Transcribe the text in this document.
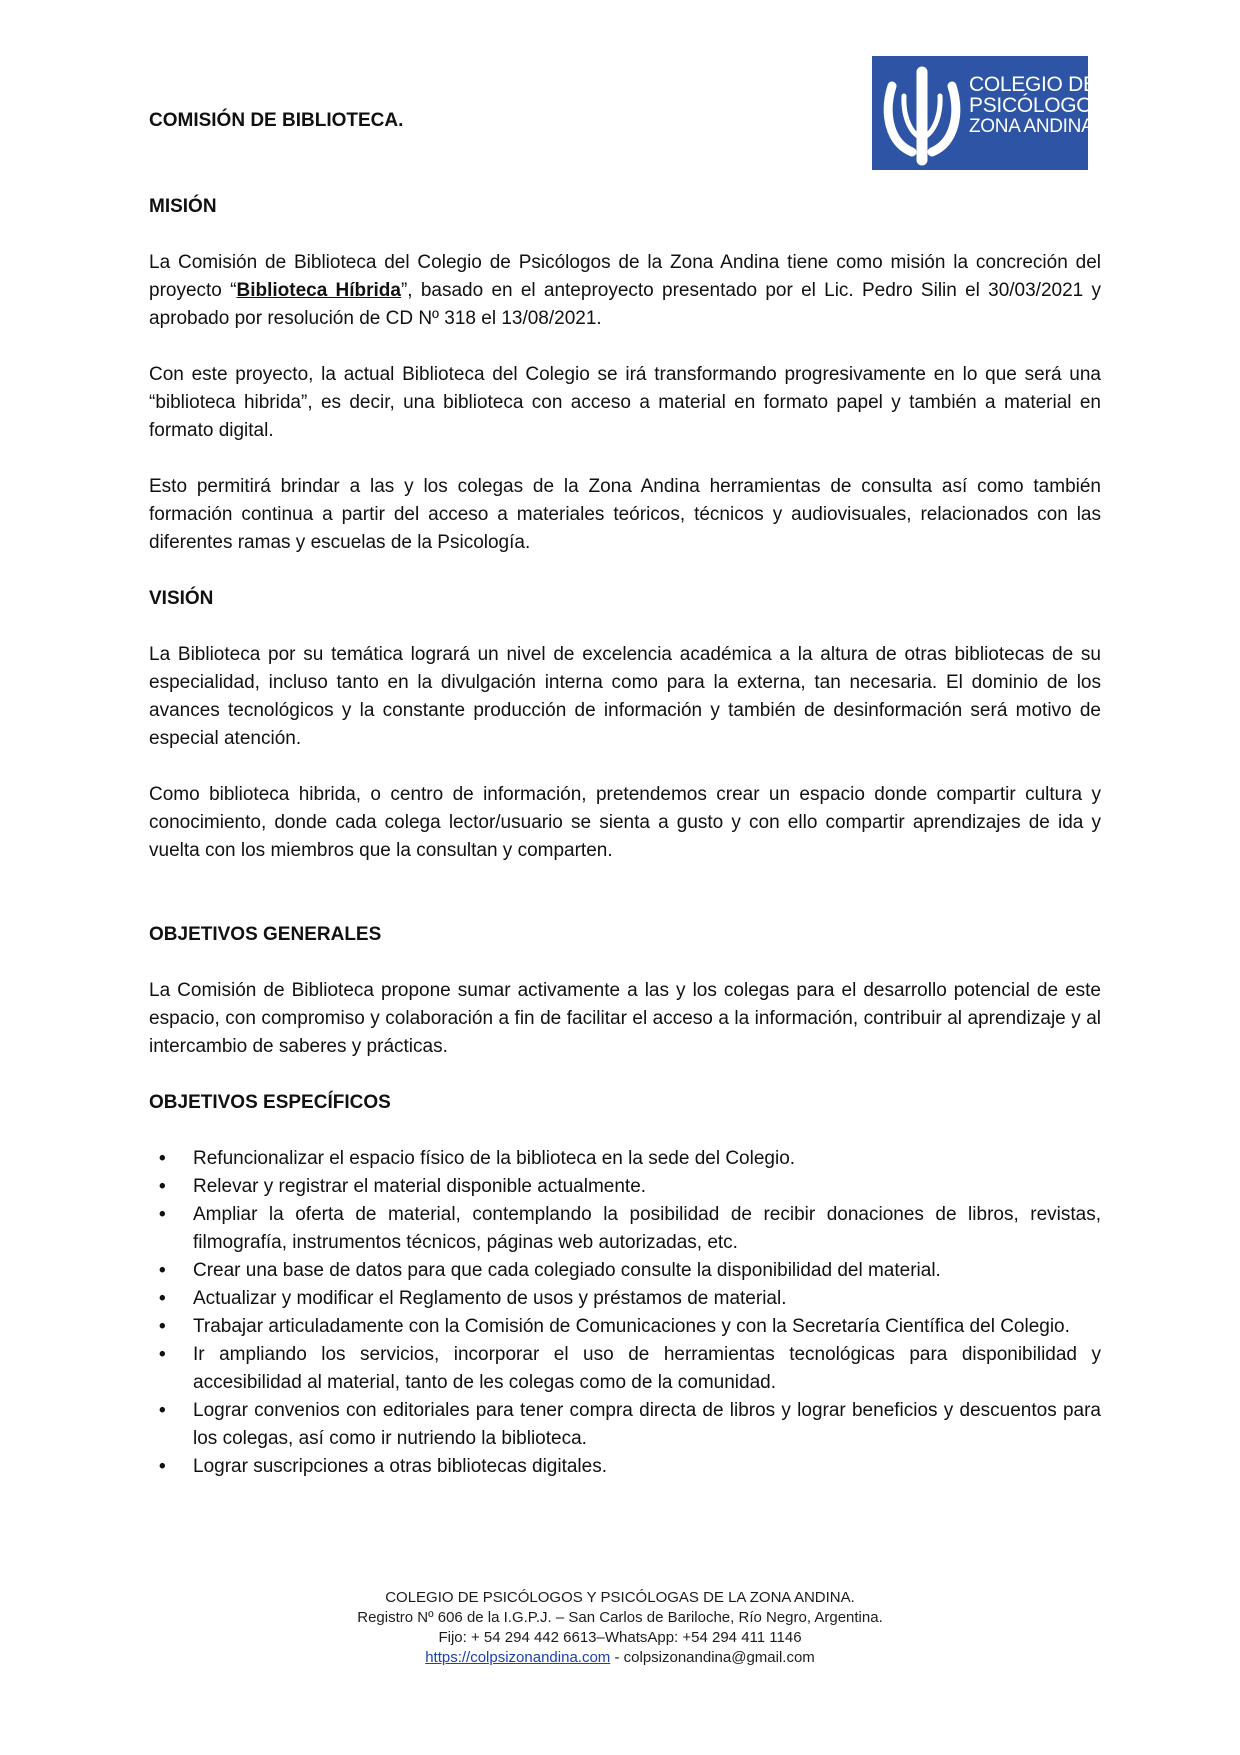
COMISIÓN DE BIBLIOTECA.
COLEGIO DE
PSICÓLOGOS
ZONA ANDINA
MISIÓN

La Comisión de Biblioteca del Colegio de Psicólogos de la Zona Andina tiene como misión la concreción del proyecto “Biblioteca Híbrida”, basado en el anteproyecto presentado por el Lic. Pedro Silin el 30/03/2021 y aprobado por resolución de CD Nº 318 el 13/08/2021.

Con este proyecto, la actual Biblioteca del Colegio se irá transformando progresivamente en lo que será una “biblioteca hibrida”, es decir, una biblioteca con acceso a material en formato papel y también a material en formato digital.

Esto permitirá brindar a las y los colegas de la Zona Andina herramientas de consulta así como también formación continua a partir del acceso a materiales teóricos, técnicos y audiovisuales, relacionados con las diferentes ramas y escuelas de la Psicología.

VISIÓN

La Biblioteca por su temática logrará un nivel de excelencia académica a la altura de otras bibliotecas de su especialidad, incluso tanto en la divulgación interna como para la externa, tan necesaria. El dominio de los avances tecnológicos y la constante producción de información y también de desinformación será motivo de especial atención.

Como biblioteca hibrida, o centro de información, pretendemos crear un espacio donde compartir cultura y conocimiento, donde cada colega lector/usuario se sienta a gusto y con ello compartir aprendizajes de ida y vuelta con los miembros que la consultan y comparten.

OBJETIVOS GENERALES

La Comisión de Biblioteca propone sumar activamente a las y los colegas para el desarrollo potencial de este espacio, con compromiso y colaboración a fin de facilitar el acceso a la información, contribuir al aprendizaje y al intercambio de saberes y prácticas.

OBJETIVOS ESPECÍFICOS
• Refuncionalizar el espacio físico de la biblioteca en la sede del Colegio.
• Relevar y registrar el material disponible actualmente.
• Ampliar la oferta de material, contemplando la posibilidad de recibir donaciones de libros, revistas, filmografía, instrumentos técnicos, páginas web autorizadas, etc.
• Crear una base de datos para que cada colegiado consulte la disponibilidad del material.
• Actualizar y modificar el Reglamento de usos y préstamos de material.
• Trabajar articuladamente con la Comisión de Comunicaciones y con la Secretaría Científica del Colegio.
• Ir ampliando los servicios, incorporar el uso de herramientas tecnológicas para disponibilidad y accesibilidad al material, tanto de les colegas como de la comunidad.
• Lograr convenios con editoriales para tener compra directa de libros y lograr beneficios y descuentos para los colegas, así como ir nutriendo la biblioteca.
• Lograr suscripciones a otras bibliotecas digitales.
COLEGIO DE PSICÓLOGOS Y PSICÓLOGAS DE LA ZONA ANDINA.
Registro Nº 606 de la I.G.P.J. – San Carlos de Bariloche, Río Negro, Argentina.
Fijo: + 54 294 442 6613–WhatsApp: +54 294 411 1146
https://colpsizonandina.com - colpsizonandina@gmail.com
